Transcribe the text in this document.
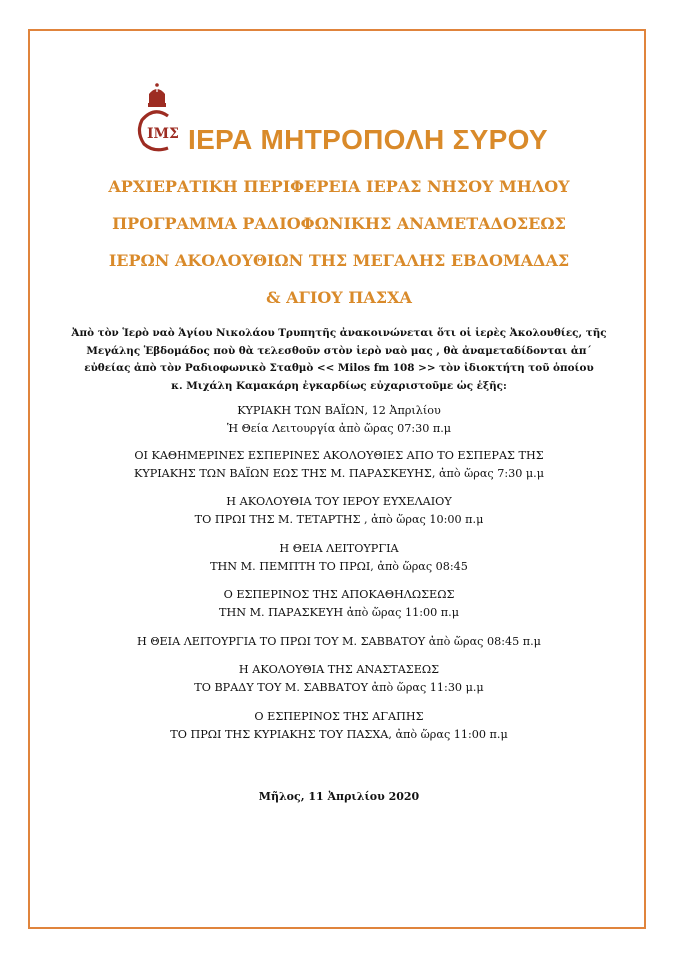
ΙΜΣ ΙΕΡΑ ΜΗΤΡΟΠΟΛΗ ΣΥΡΟΥ
ΑΡΧΙΕΡΑΤΙΚΗ ΠΕΡΙΦΕΡΕΙΑ ΙΕΡΑΣ ΝΗΣΟΥ ΜΗΛΟΥ
ΠΡΟΓΡΑΜΜΑ ΡΑΔΙΟΦΩΝΙΚΗΣ ΑΝΑΜΕΤΑΔΟΣΕΩΣ
ΙΕΡΩΝ ΑΚΟΛΟΥΘΙΩΝ ΤΗΣ ΜΕΓΑΛΗΣ ΕΒΔΟΜΑΔΑΣ
& ΑΓΙΟΥ ΠΑΣΧΑ
Ἀπὸ τὸν Ἱερὸ ναὸ Ἁγίου Νικολάου Τρυπητῆς ἀνακοινώνεται ὅτι οἱ ἱερὲς Ἀκολουθίες, τῆς
Μεγάλης Ἑβδομάδος ποὺ θὰ τελεσθοῦν στὸν ἱερὸ ναὸ μας , θὰ ἀναμεταδίδονται ἀπ΄
εὐθείας ἀπὸ τὸν Ραδιοφωνικὸ Σταθμὸ << Milos fm 108 >> τὸν ἰδιοκτήτη τοῦ ὁποίου
κ. Μιχάλη Καμακάρη ἐγκαρδίως εὐχαριστοῦμε ὡς ἑξῆς:
ΚΥΡΙΑΚΗ ΤΩΝ ΒΑΪΩΝ, 12 Ἀπριλίου
Ἡ Θεία Λειτουργία ἀπὸ ὥρας 07:30 π.μ
ΟΙ ΚΑΘΗΜΕΡΙΝΕΣ ΕΣΠΕΡΙΝΕΣ ΑΚΟΛΟΥΘΙΕΣ ΑΠΟ ΤΟ ΕΣΠΕΡΑΣ ΤΗΣ
ΚΥΡΙΑΚΗΣ ΤΩΝ ΒΑΪΩΝ ΕΩΣ ΤΗΣ Μ. ΠΑΡΑΣΚΕΥΗΣ, ἀπὸ ὥρας 7:30 μ.μ
Η ΑΚΟΛΟΥΘΙΑ ΤΟΥ ΙΕΡΟΥ ΕΥΧΕΛΑΙΟΥ
ΤΟ ΠΡΩΙ ΤΗΣ Μ. ΤΕΤΑΡΤΗΣ , ἀπὸ ὥρας 10:00 π.μ
Η ΘΕΙΑ ΛΕΙΤΟΥΡΓΙΑ
ΤΗΝ Μ. ΠΕΜΠΤΗ ΤΟ ΠΡΩΙ, ἀπὸ ὥρας 08:45
Ο ΕΣΠΕΡΙΝΟΣ ΤΗΣ ΑΠΟΚΑΘΗΛΩΣΕΩΣ
ΤΗΝ Μ. ΠΑΡΑΣΚΕΥΗ ἀπὸ ὥρας 11:00 π.μ
Η ΘΕΙΑ ΛΕΙΤΟΥΡΓΙΑ ΤΟ ΠΡΩΙ ΤΟΥ Μ. ΣΑΒΒΑΤΟΥ ἀπὸ ὥρας 08:45 π.μ
Η ΑΚΟΛΟΥΘΙΑ ΤΗΣ ΑΝΑΣΤΑΣΕΩΣ
ΤΟ ΒΡΑΔΥ ΤΟΥ Μ. ΣΑΒΒΑΤΟΥ ἀπὸ ὥρας 11:30 μ.μ
Ο ΕΣΠΕΡΙΝΟΣ ΤΗΣ ΑΓΑΠΗΣ
ΤΟ ΠΡΩΙ ΤΗΣ ΚΥΡΙΑΚΗΣ ΤΟΥ ΠΑΣΧΑ, ἀπὸ ὥρας 11:00 π.μ
Μῆλος, 11 Ἀπριλίου 2020
